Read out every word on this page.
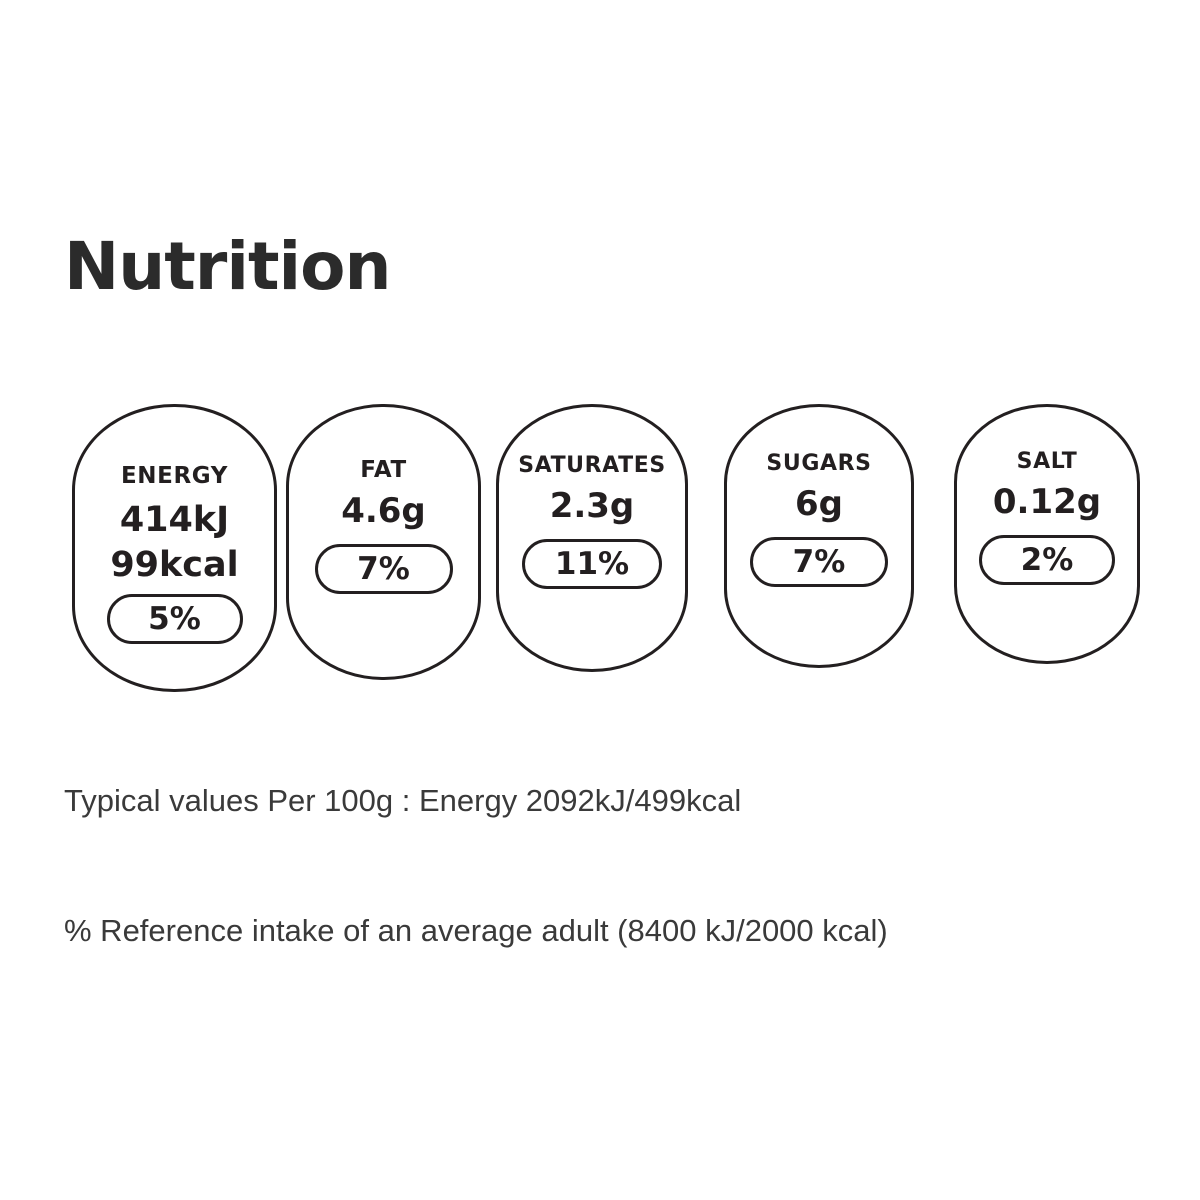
Nutrition
ENERGY
414kJ
99kcal
5%
FAT
4.6g
7%
SATURATES
2.3g
11%
SUGARS
6g
7%
SALT
0.12g
2%
Typical values Per 100g : Energy 2092kJ/499kcal
% Reference intake of an average adult (8400 kJ/2000 kcal)
